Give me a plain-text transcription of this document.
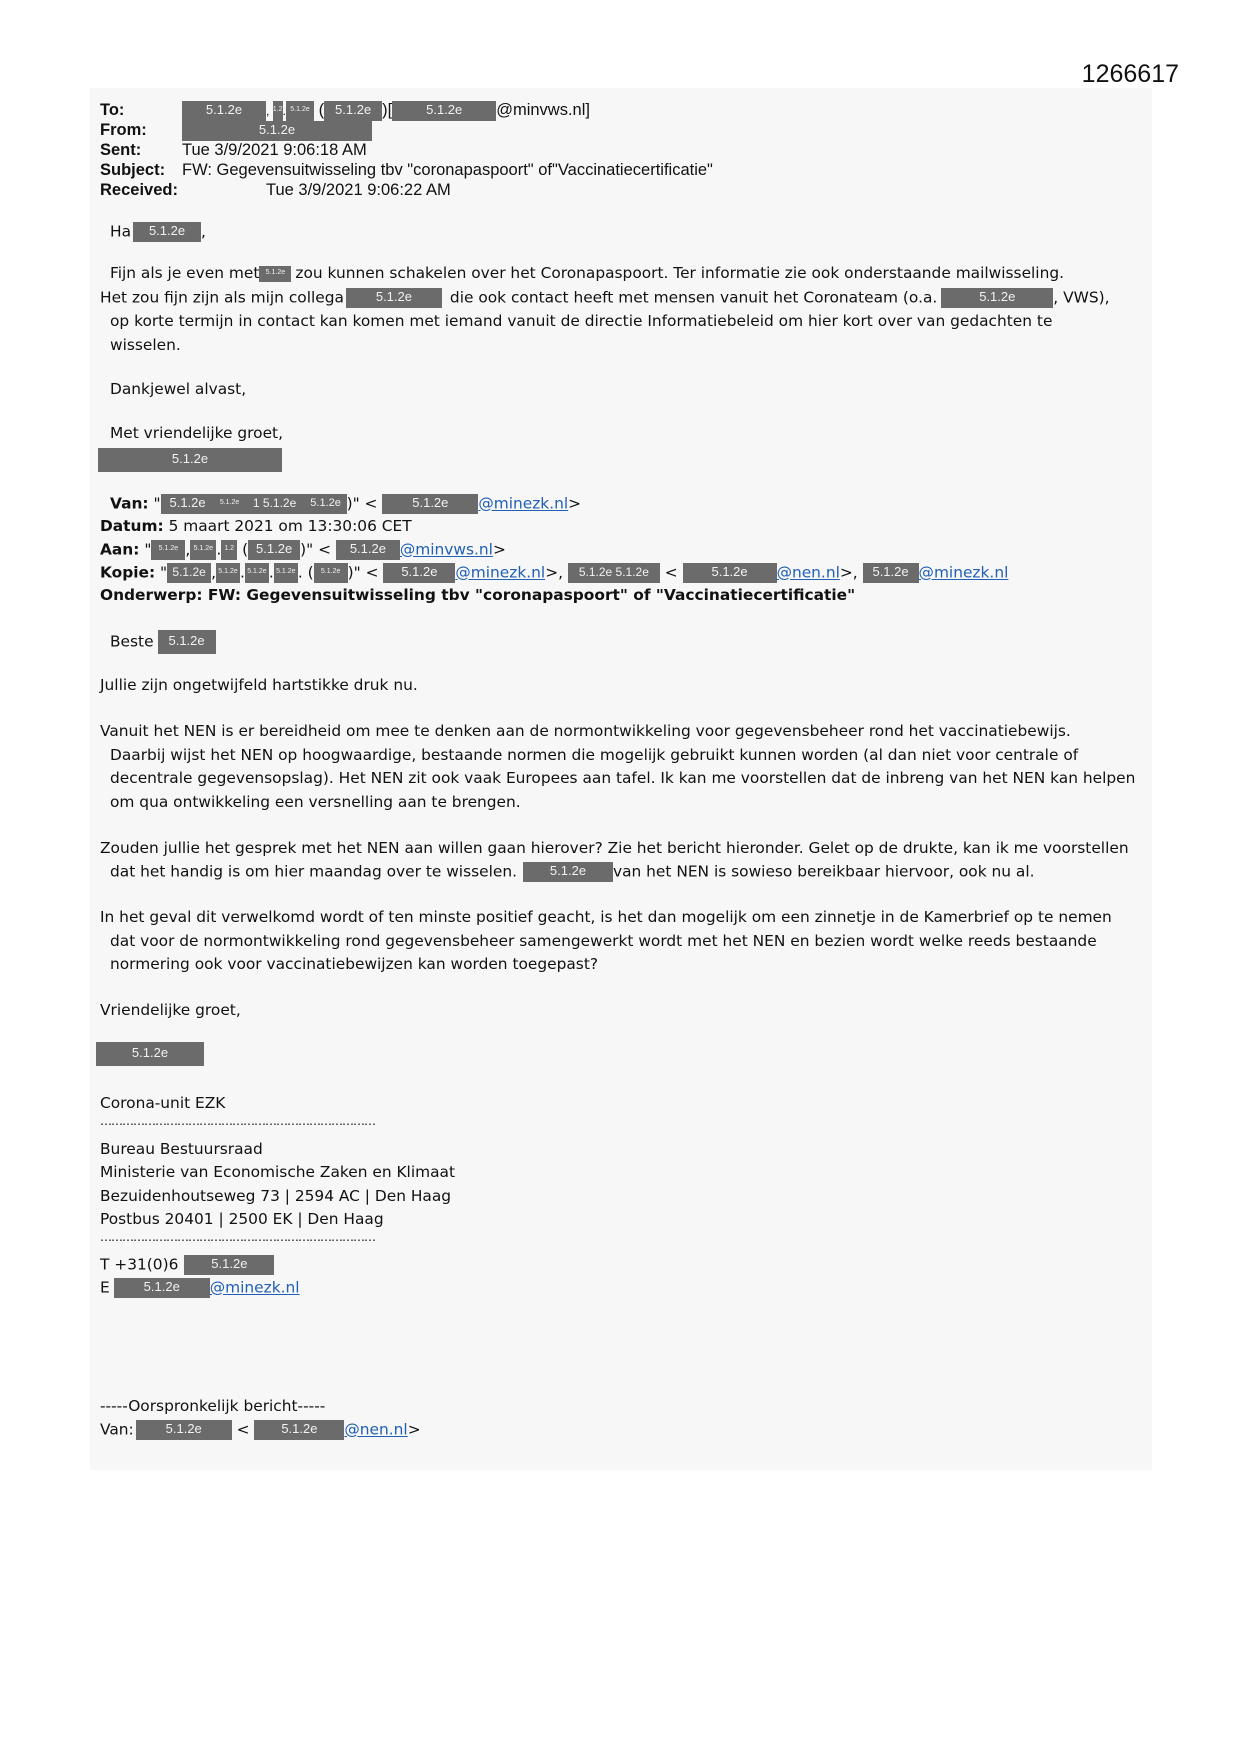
1266617
To:	5.1.2e , 1.2. 5.1.2e ( 5.1.2e )[	5.1.2e @minvws.nl]
From:	5.1.2e
Sent: Tue 3/9/2021 9:06:18 AM
Subject: FW: Gegevensuitwisseling tbv "coronapaspoort" of"Vaccinatiecertificatie"
Received:	Tue 3/9/2021 9:06:22 AM
Ha 5.1.2e ,
Fijn als je even met 5.1.2e zou kunnen schakelen over het Coronapaspoort. Ter informatie zie ook onderstaande mailwisseling.
Het zou fijn zijn als mijn collega 5.1.2e die ook contact heeft met mensen vanuit het Coronateam (o.a.	5.1.2e , VWS),
op korte termijn in contact kan komen met iemand vanuit de directie Informatiebeleid om hier kort over van gedachten te
wisselen.
Dankjewel alvast,
Met vriendelijke groet,
5.1.2e
Van: " 5.1.2e 5.1.2e 1 5.1.2e 5.1.2e )" < 5.1.2e @minezk.nl>
Datum: 5 maart 2021 om 13:30:06 CET
Aan: " 5.1.2e , 5.1.2e . 1.2 ( 5.1.2e )" < 5.1.2e @minvws.nl>
Kopie: " 5.1.2e , 5.1.2e . 5.1.2e . 5.1.2e . ( 5.1.2e )" < 5.1.2e @minezk.nl>, 5.1.2e 5.1.2e < 5.1.2e @nen.nl>, 5.1.2e @minezk.nl
Onderwerp: FW: Gegevensuitwisseling tbv "coronapaspoort" of "Vaccinatiecertificatie"
Beste 5.1.2e
Jullie zijn ongetwijfeld hartstikke druk nu.
Vanuit het NEN is er bereidheid om mee te denken aan de normontwikkeling voor gegevensbeheer rond het vaccinatiebewijs.
Daarbij wijst het NEN op hoogwaardige, bestaande normen die mogelijk gebruikt kunnen worden (al dan niet voor centrale of
decentrale gegevensopslag). Het NEN zit ook vaak Europees aan tafel. Ik kan me voorstellen dat de inbreng van het NEN kan helpen
om qua ontwikkeling een versnelling aan te brengen.
Zouden jullie het gesprek met het NEN aan willen gaan hierover? Zie het bericht hieronder. Gelet op de drukte, kan ik me voorstellen
dat het handig is om hier maandag over te wisselen.	5.1.2e van het NEN is sowieso bereikbaar hiervoor, ook nu al.
In het geval dit verwelkomd wordt of ten minste positief geacht, is het dan mogelijk om een zinnetje in de Kamerbrief op te nemen
dat voor de normontwikkeling rond gegevensbeheer samengewerkt wordt met het NEN en bezien wordt welke reeds bestaande
normering ook voor vaccinatiebewijzen kan worden toegepast?
Vriendelijke groet,
5.1.2e
Corona-unit EZK
…………………………………………………………………
Bureau Bestuursraad
Ministerie van Economische Zaken en Klimaat
Bezuidenhoutseweg 73 | 2594 AC | Den Haag
Postbus 20401 | 2500 EK | Den Haag
…………………………………………………………………
T +31(0)6	5.1.2e
E	5.1.2e @minezk.nl
-----Oorspronkelijk bericht-----
Van: 5.1.2e < 5.1.2e @nen.nl>
